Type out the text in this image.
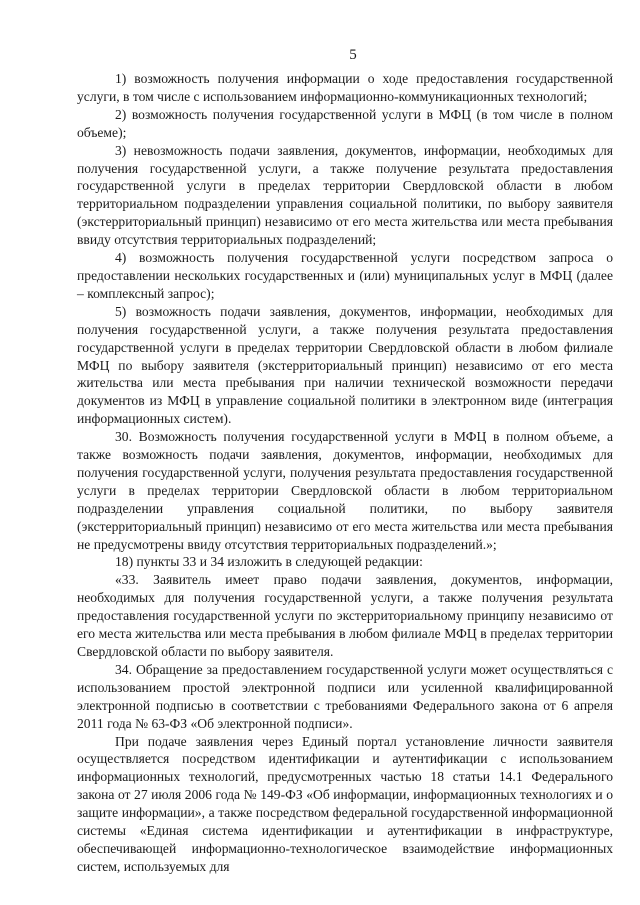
5

1) возможность получения информации о ходе предоставления государственной услуги, в том числе с использованием информационно-коммуникационных технологий;

2) возможность получения государственной услуги в МФЦ (в том числе в полном объеме);

3) невозможность подачи заявления, документов, информации, необходимых для получения государственной услуги, а также получение результата предоставления государственной услуги в пределах территории Свердловской области в любом территориальном подразделении управления социальной политики, по выбору заявителя (экстерриториальный принцип) независимо от его места жительства или места пребывания ввиду отсутствия территориальных подразделений;

4) возможность получения государственной услуги посредством запроса о предоставлении нескольких государственных и (или) муниципальных услуг в МФЦ (далее – комплексный запрос);

5) возможность подачи заявления, документов, информации, необходимых для получения государственной услуги, а также получения результата предоставления государственной услуги в пределах территории Свердловской области в любом филиале МФЦ по выбору заявителя (экстерриториальный принцип) независимо от его места жительства или места пребывания при наличии технической возможности передачи документов из МФЦ в управление социальной политики в электронном виде (интеграция информационных систем).

30. Возможность получения государственной услуги в МФЦ в полном объеме, а также возможность подачи заявления, документов, информации, необходимых для получения государственной услуги, получения результата предоставления государственной услуги в пределах территории Свердловской области в любом территориальном подразделении управления социальной политики, по выбору заявителя (экстерриториальный принцип) независимо от его места жительства или места пребывания не предусмотрены ввиду отсутствия территориальных подразделений.»;

18) пункты 33 и 34 изложить в следующей редакции:

«33. Заявитель имеет право подачи заявления, документов, информации, необходимых для получения государственной услуги, а также получения результата предоставления государственной услуги по экстерриториальному принципу независимо от его места жительства или места пребывания в любом филиале МФЦ в пределах территории Свердловской области по выбору заявителя.

34. Обращение за предоставлением государственной услуги может осуществляться с использованием простой электронной подписи или усиленной квалифицированной электронной подписью в соответствии с требованиями Федерального закона от 6 апреля 2011 года № 63-ФЗ «Об электронной подписи».

При подаче заявления через Единый портал установление личности заявителя осуществляется посредством идентификации и аутентификации с использованием информационных технологий, предусмотренных частью 18 статьи 14.1 Федерального закона от 27 июля 2006 года № 149-ФЗ «Об информации, информационных технологиях и о защите информации», а также посредством федеральной государственной информационной системы «Единая система идентификации и аутентификации в инфраструктуре, обеспечивающей информационно-технологическое взаимодействие информационных систем, используемых для
